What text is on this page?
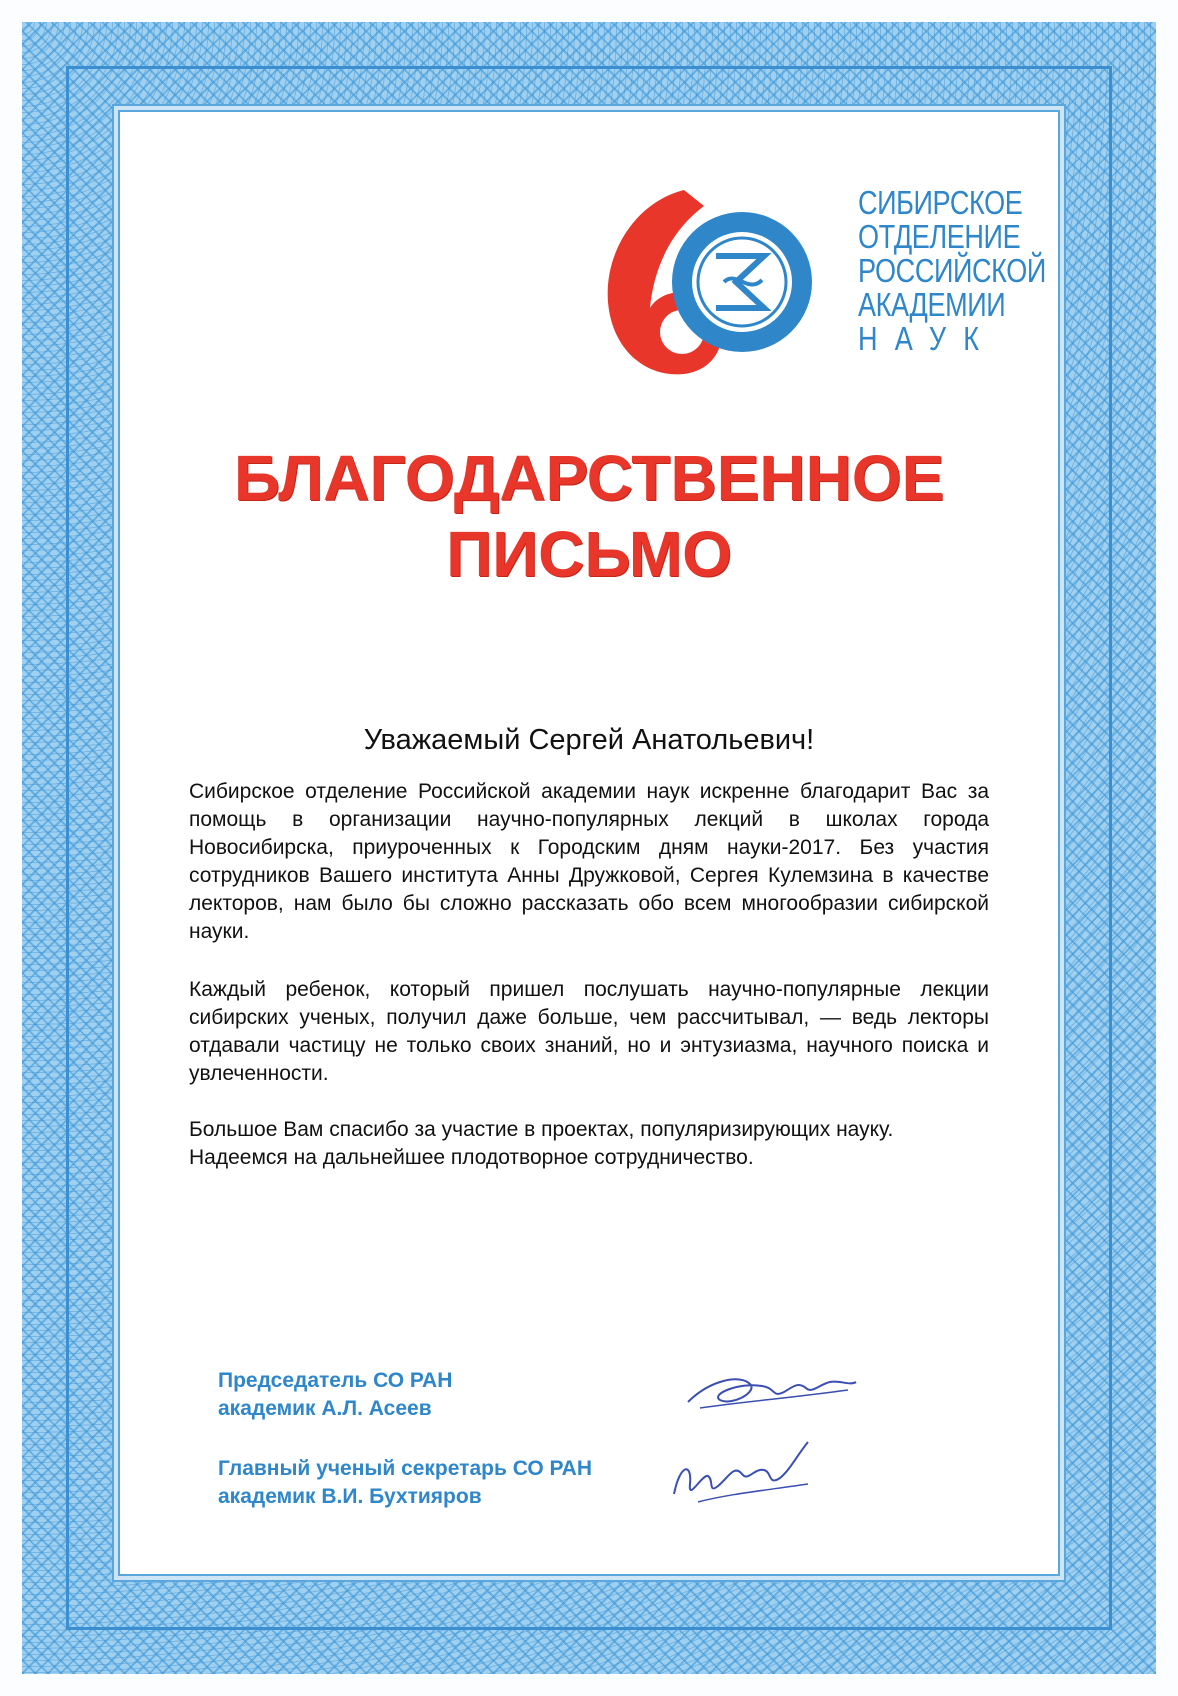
СИБИРСКОЕ
ОТДЕЛЕНИЕ
РОССИЙСКОЙ
АКАДЕМИИ
НАУК
БЛАГОДАРСТВЕННОЕ
ПИСЬМО
Уважаемый Сергей Анатольевич!

Сибирское отделение Российской академии наук искренне благодарит Вас за помощь в организации научно-популярных лекций в школах города Новосибирска, приуроченных к Городским дням науки-2017. Без участия сотрудников Вашего института Анны Дружковой, Сергея Кулемзина в качестве лекторов, нам было бы сложно рассказать обо всем многообразии сибирской науки.

Каждый ребенок, который пришел послушать научно-популярные лекции сибирских ученых, получил даже больше, чем рассчитывал, — ведь лекторы отдавали частицу не только своих знаний, но и энтузиазма, научного поиска и увлеченности.

Большое Вам спасибо за участие в проектах, популяризирующих науку. Надеемся на дальнейшее плодотворное сотрудничество.

Председатель СО РАН
академик А.Л. Асеев
Главный ученый секретарь СО РАН
академик В.И. Бухтияров
